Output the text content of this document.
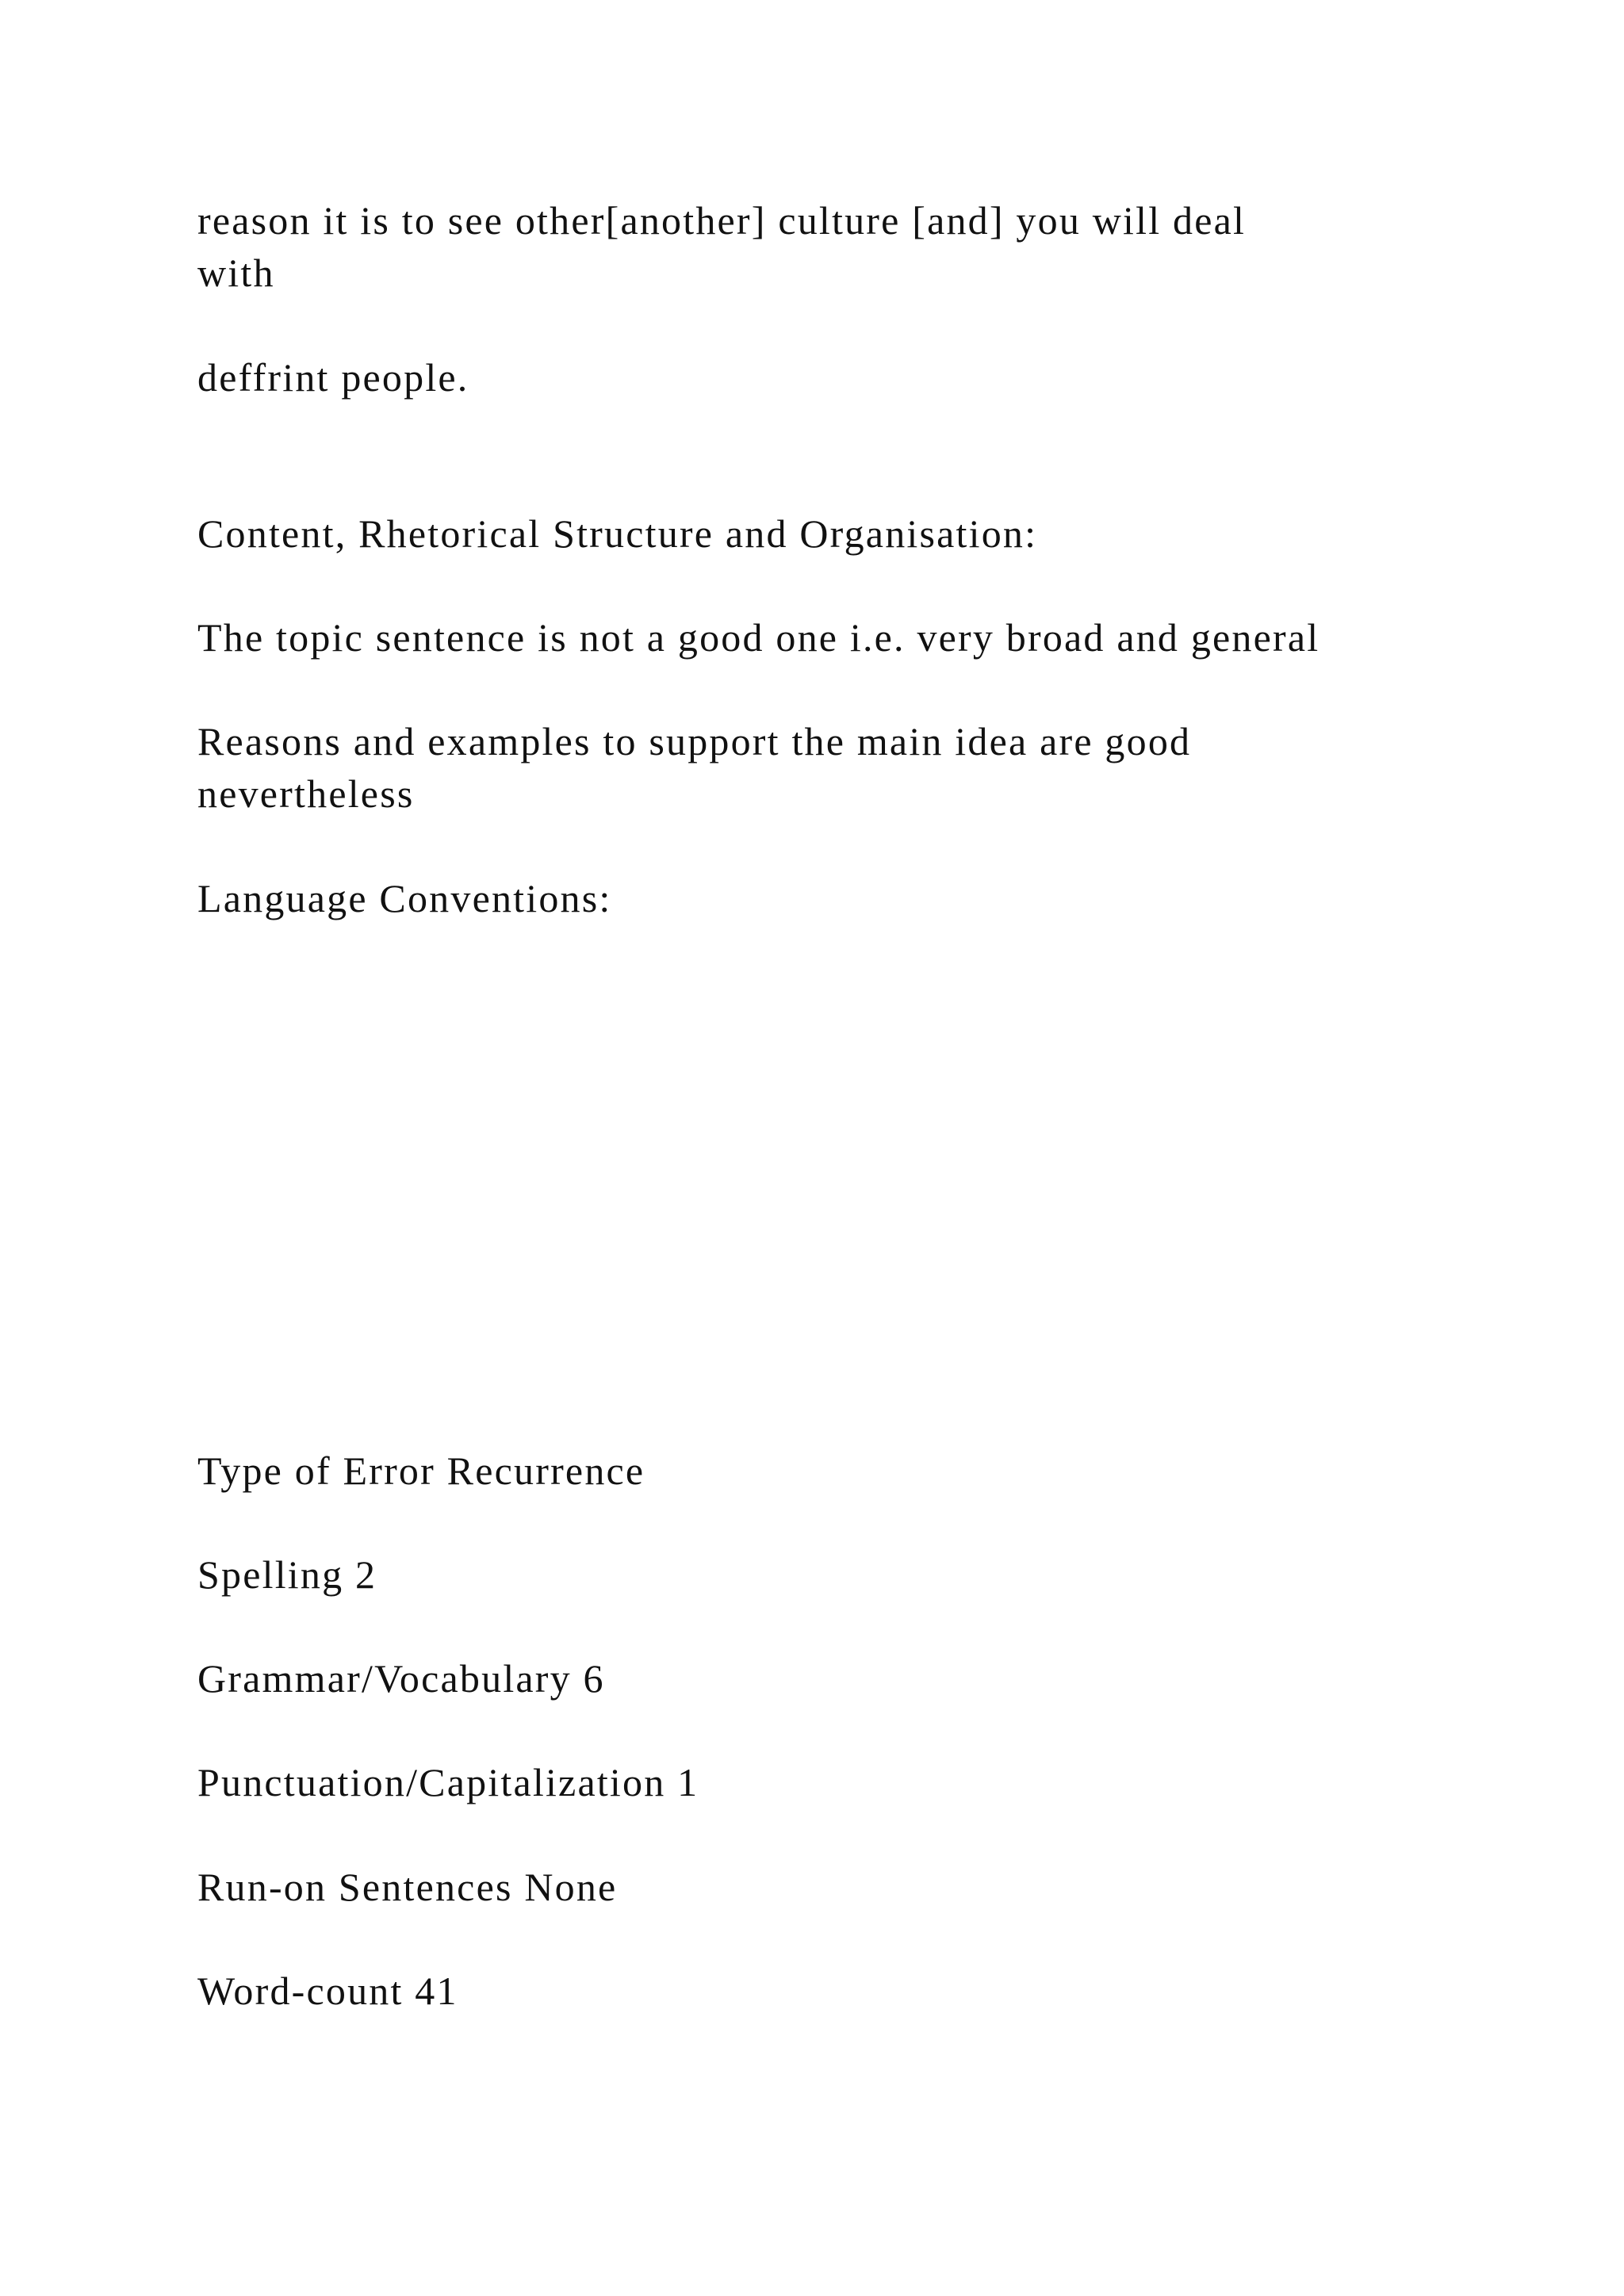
reason it is to see other[another] culture [and] you will deal
with
deffrint people.
Content, Rhetorical Structure and Organisation:
The topic sentence is not a good one i.e. very broad and general
Reasons and examples to support the main idea are good
nevertheless
Language Conventions:
Type of Error Recurrence
Spelling 2
Grammar/Vocabulary 6
Punctuation/Capitalization 1
Run-on Sentences None
Word-count 41
